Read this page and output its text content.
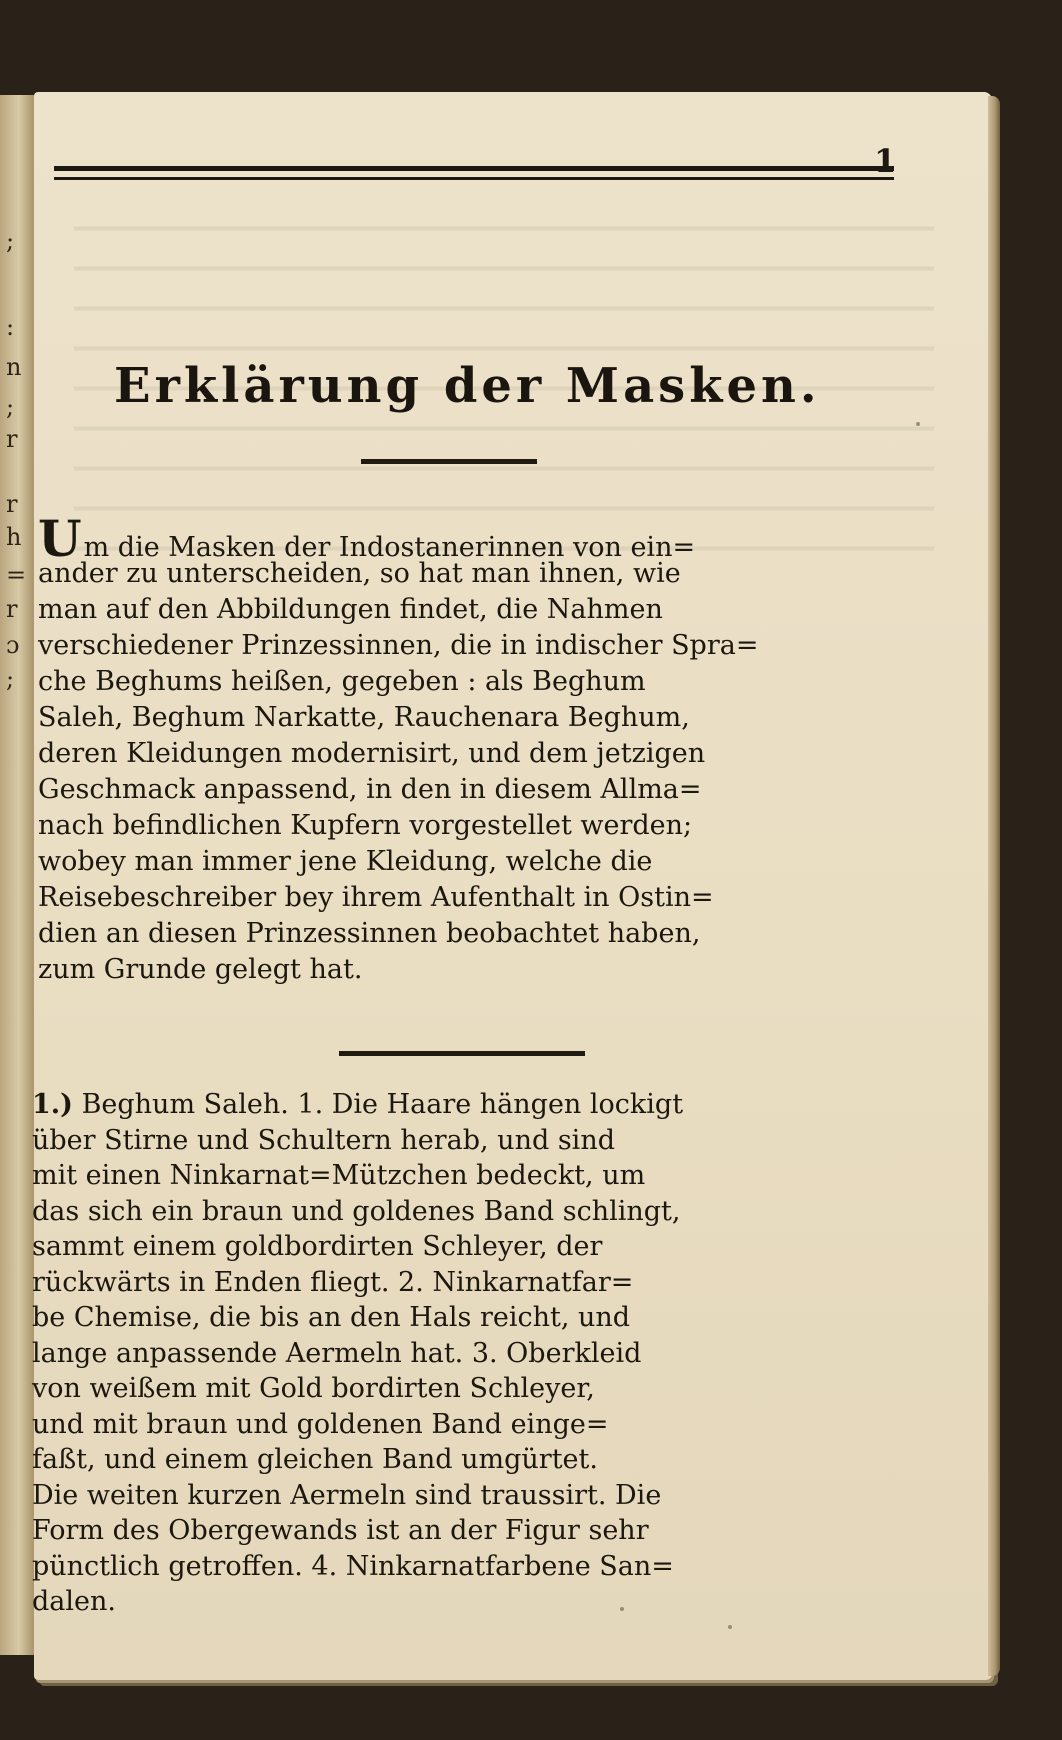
;
:
n
;
r
r
h
=
r
ɔ
;
1
Erklärung der Masken.
Um die Masken der Indostanerinnen von ein=
ander zu unterscheiden, so hat man ihnen, wie
man auf den Abbildungen findet, die Nahmen
verschiedener Prinzessinnen, die in indischer Spra=
che Beghums heißen, gegeben : als Beghum
Saleh, Beghum Narkatte, Rauchenara Beghum,
deren Kleidungen modernisirt, und dem jetzigen
Geschmack anpassend, in den in diesem Allma=
nach befindlichen Kupfern vorgestellet werden;
wobey man immer jene Kleidung, welche die
Reisebeschreiber bey ihrem Aufenthalt in Ostin=
dien an diesen Prinzessinnen beobachtet haben,
zum Grunde gelegt hat.
1.) Beghum Saleh. 1. Die Haare hängen lockigt
über Stirne und Schultern herab, und sind
mit einen Ninkarnat=Mützchen bedeckt, um
das sich ein braun und goldenes Band schlingt,
sammt einem goldbordirten Schleyer, der
rückwärts in Enden fliegt. 2. Ninkarnatfar=
be Chemise, die bis an den Hals reicht, und
lange anpassende Aermeln hat. 3. Oberkleid
von weißem mit Gold bordirten Schleyer,
und mit braun und goldenen Band einge=
faßt, und einem gleichen Band umgürtet.
Die weiten kurzen Aermeln sind traussirt. Die
Form des Obergewands ist an der Figur sehr
pünctlich getroffen. 4. Ninkarnatfarbene San=
dalen.
